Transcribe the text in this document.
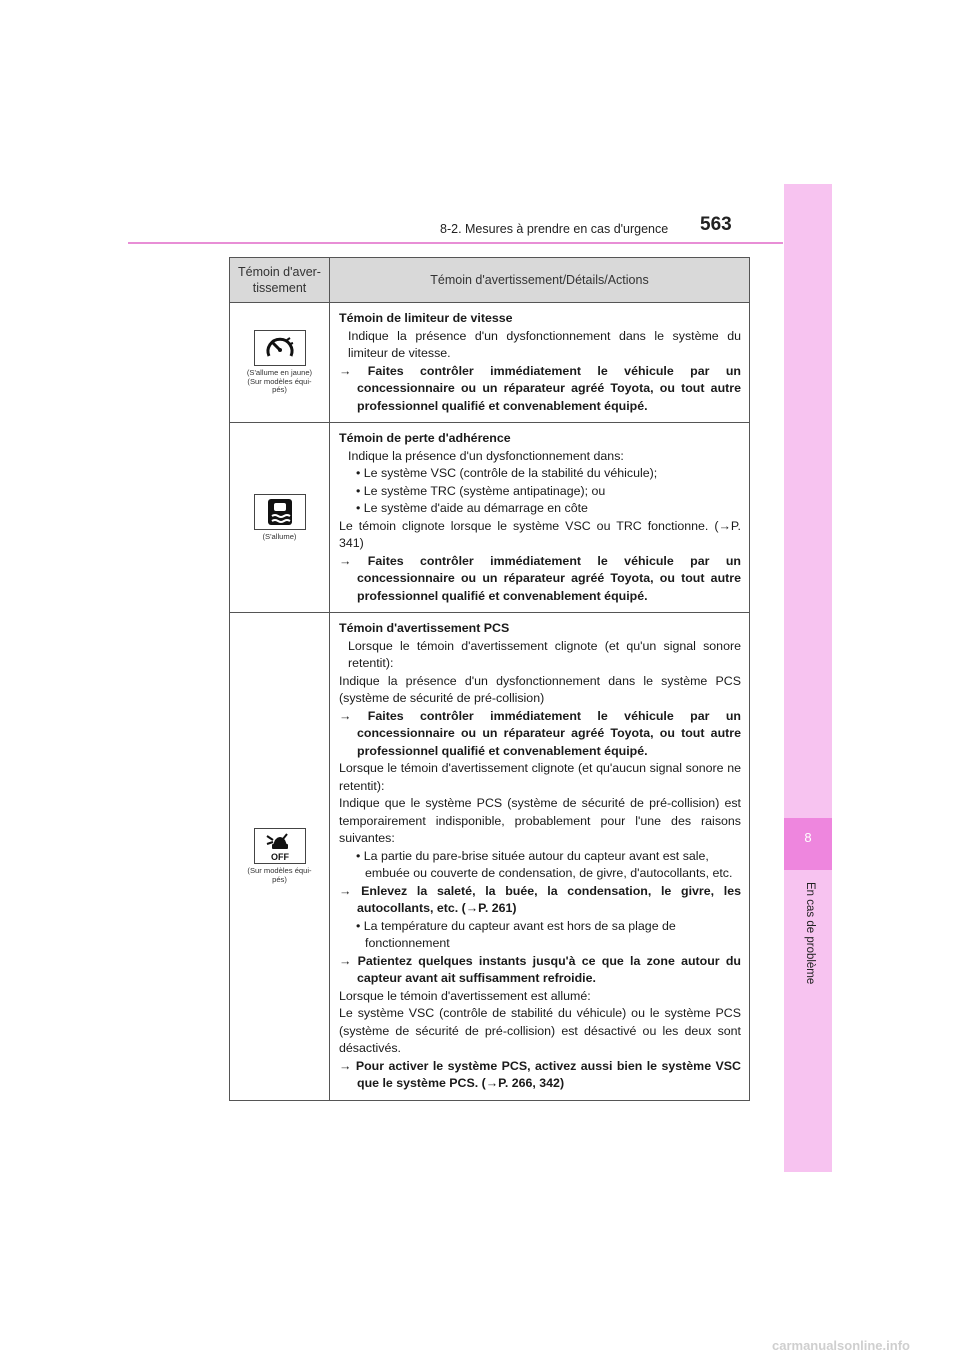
8
En cas de problème
8-2. Mesures à prendre en cas d'urgence 563
Témoin d'aver-tissement
Témoin d'avertissement/Détails/Actions
(S'allume en jaune)
(Sur modèles équi-
pés)
Témoin de limiteur de vitesse
Indique la présence d'un dysfonctionnement dans le système du limiteur de vitesse.
→ Faites contrôler immédiatement le véhicule par un concessionnaire ou un réparateur agréé Toyota, ou tout autre professionnel qualifié et convenablement équipé.
(S'allume)
Témoin de perte d'adhérence
Indique la présence d'un dysfonctionnement dans:
• Le système VSC (contrôle de la stabilité du véhicule);
• Le système TRC (système antipatinage); ou
• Le système d'aide au démarrage en côte
Le témoin clignote lorsque le système VSC ou TRC fonctionne. (→P. 341)
→ Faites contrôler immédiatement le véhicule par un concessionnaire ou un réparateur agréé Toyota, ou tout autre professionnel qualifié et convenablement équipé.
OFF
(Sur modèles équi-
pés)
Témoin d'avertissement PCS
Lorsque le témoin d'avertissement clignote (et qu'un signal sonore retentit):
Indique la présence d'un dysfonctionnement dans le système PCS (système de sécurité de pré-collision)
→ Faites contrôler immédiatement le véhicule par un concessionnaire ou un réparateur agréé Toyota, ou tout autre professionnel qualifié et convenablement équipé.
Lorsque le témoin d'avertissement clignote (et qu'aucun signal sonore ne retentit):
Indique que le système PCS (système de sécurité de pré-collision) est temporairement indisponible, probablement pour l'une des raisons suivantes:
• La partie du pare-brise située autour du capteur avant est sale, embuée ou couverte de condensation, de givre, d'autocollants, etc.
→ Enlevez la saleté, la buée, la condensation, le givre, les autocollants, etc. (→P. 261)
• La température du capteur avant est hors de sa plage de fonctionnement
→ Patientez quelques instants jusqu'à ce que la zone autour du capteur avant ait suffisamment refroidie.
Lorsque le témoin d'avertissement est allumé:
Le système VSC (contrôle de stabilité du véhicule) ou le système PCS (système de sécurité de pré-collision) est désactivé ou les deux sont désactivés.
→ Pour activer le système PCS, activez aussi bien le système VSC que le système PCS. (→P. 266, 342)
carmanualsonline.info
